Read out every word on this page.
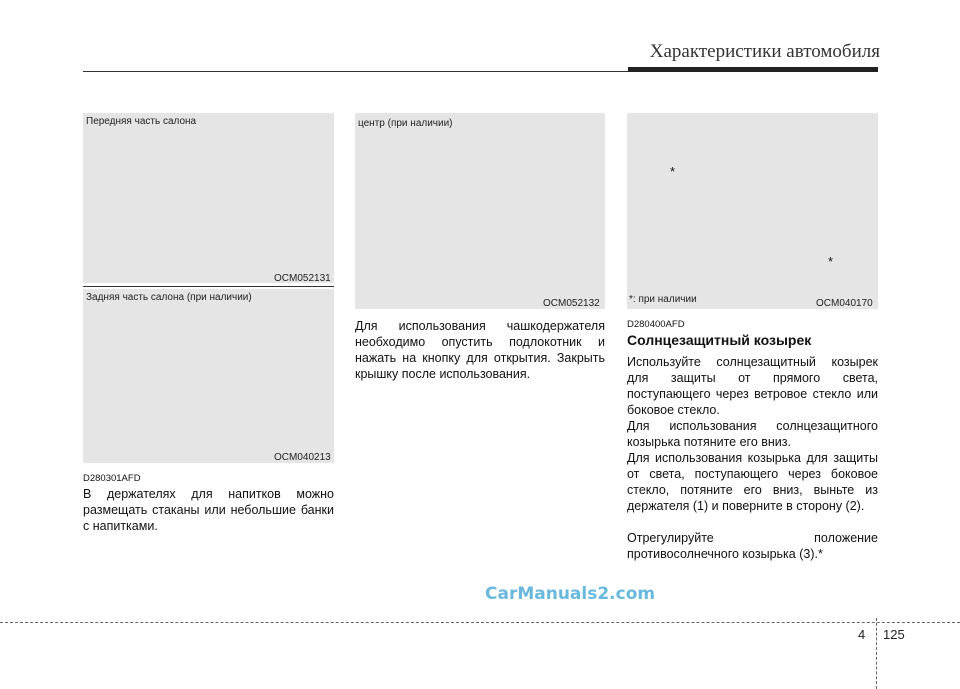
Характеристики автомобиля
Передняя часть салона
OCM052131
Задняя часть салона (при наличии)
OCM040213
D280301AFD

В держателях для напитков можно размещать стаканы или небольшие банки с напитками.

центр (при наличии)
OCM052132

Для использования чашкодержателя необходимо опустить подлокотник и нажать на кнопку для открытия. Закрыть крышку после использования.

*
*
*: при наличии	OCM040170
D280400AFD
Солнцезащитный козырек

Используйте солнцезащитный козырек для защиты от прямого света, поступающего через ветровое стекло или боковое стекло.

Для использования солнцезащитного козырька потяните его вниз.

Для использования козырька для защиты от света, поступающего через боковое стекло, потяните его вниз, выньте из держателя (1) и поверните в сторону (2).

Отрегулируйте положение противосолнечного козырька (3).*

CarManuals2.com
4 125
